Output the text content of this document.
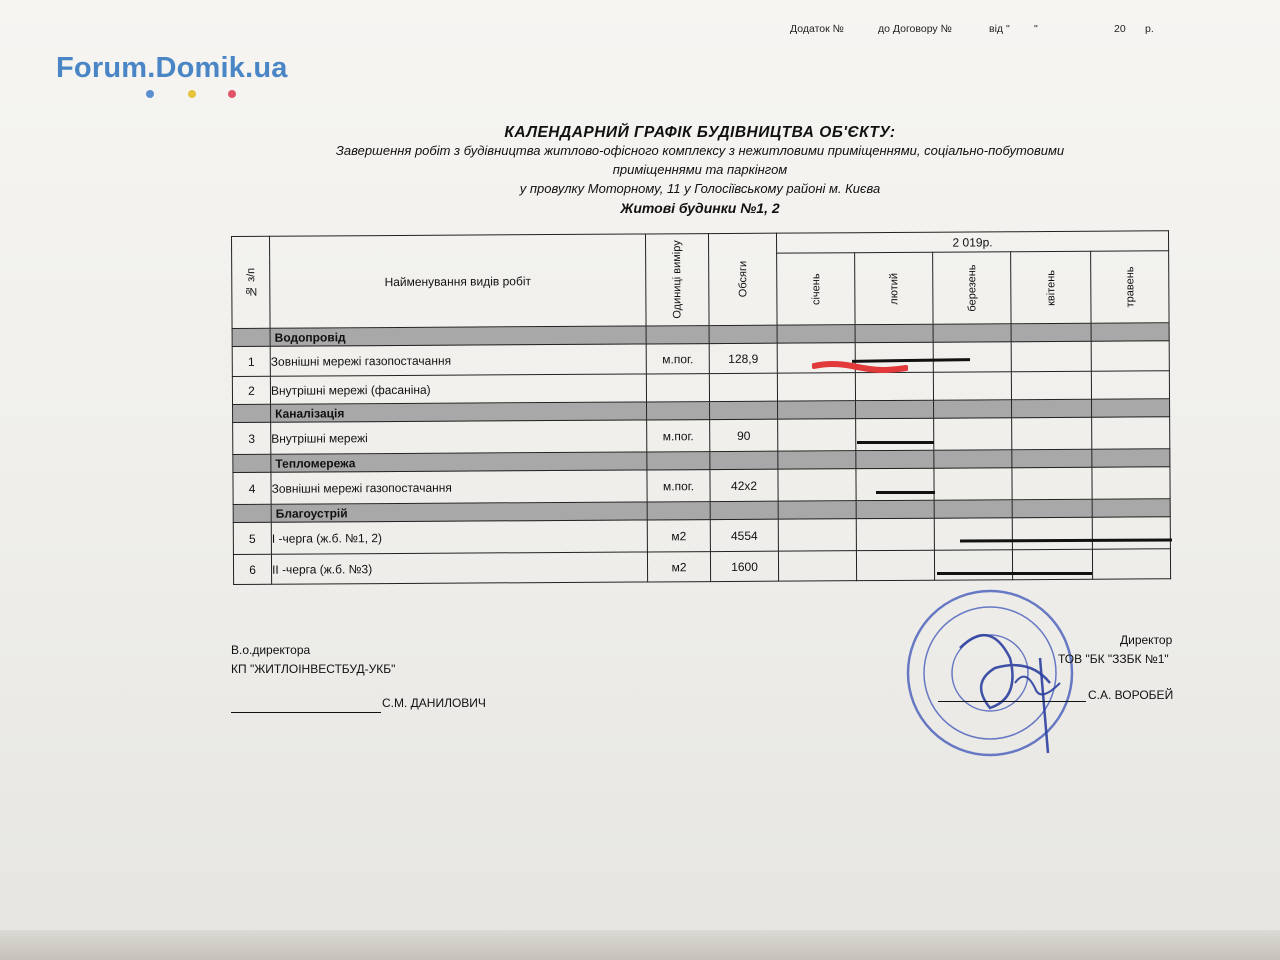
Forum.Domik.ua
Додаток №	до Договору №	від " "	20 р.
КАЛЕНДАРНИЙ ГРАФІК БУДІВНИЦТВА ОБ'ЄКТУ:
Завершення робіт з будівництва житлово-офісного комплексу з нежитловими приміщеннями, соціально-побутовими
приміщеннями та паркінгом
у провулку Моторному, 11 у Голосіївському районі м. Києва
Житові будинки №1, 2
№ з/п	Найменування видів робіт	Одиниці виміру	Обсяги	2 019р.				

				січень	лютий	березень	квітень	травень

	Водопровід							
1	Зовнішні мережі газопостачання	м.пог.	128,9					
2	Внутрішні мережі (фасаніна)							
	Каналізація							
3	Внутрішні мережі	м.пог.	90					
	Тепломережа							
4	Зовнішні мережі газопостачання	м.пог.	42х2					
	Благоустрій							
5	І -черга (ж.б. №1, 2)	м2	4554					
6	ІІ -черга (ж.б. №3)	м2	1600					
В.о.директора
КП "ЖИТЛОІНВЕСТБУД-УКБ"
С.М. ДАНИЛОВИЧ
Директор
ТОВ "БК "ЗЗБК №1"
С.А. ВОРОБЕЙ
